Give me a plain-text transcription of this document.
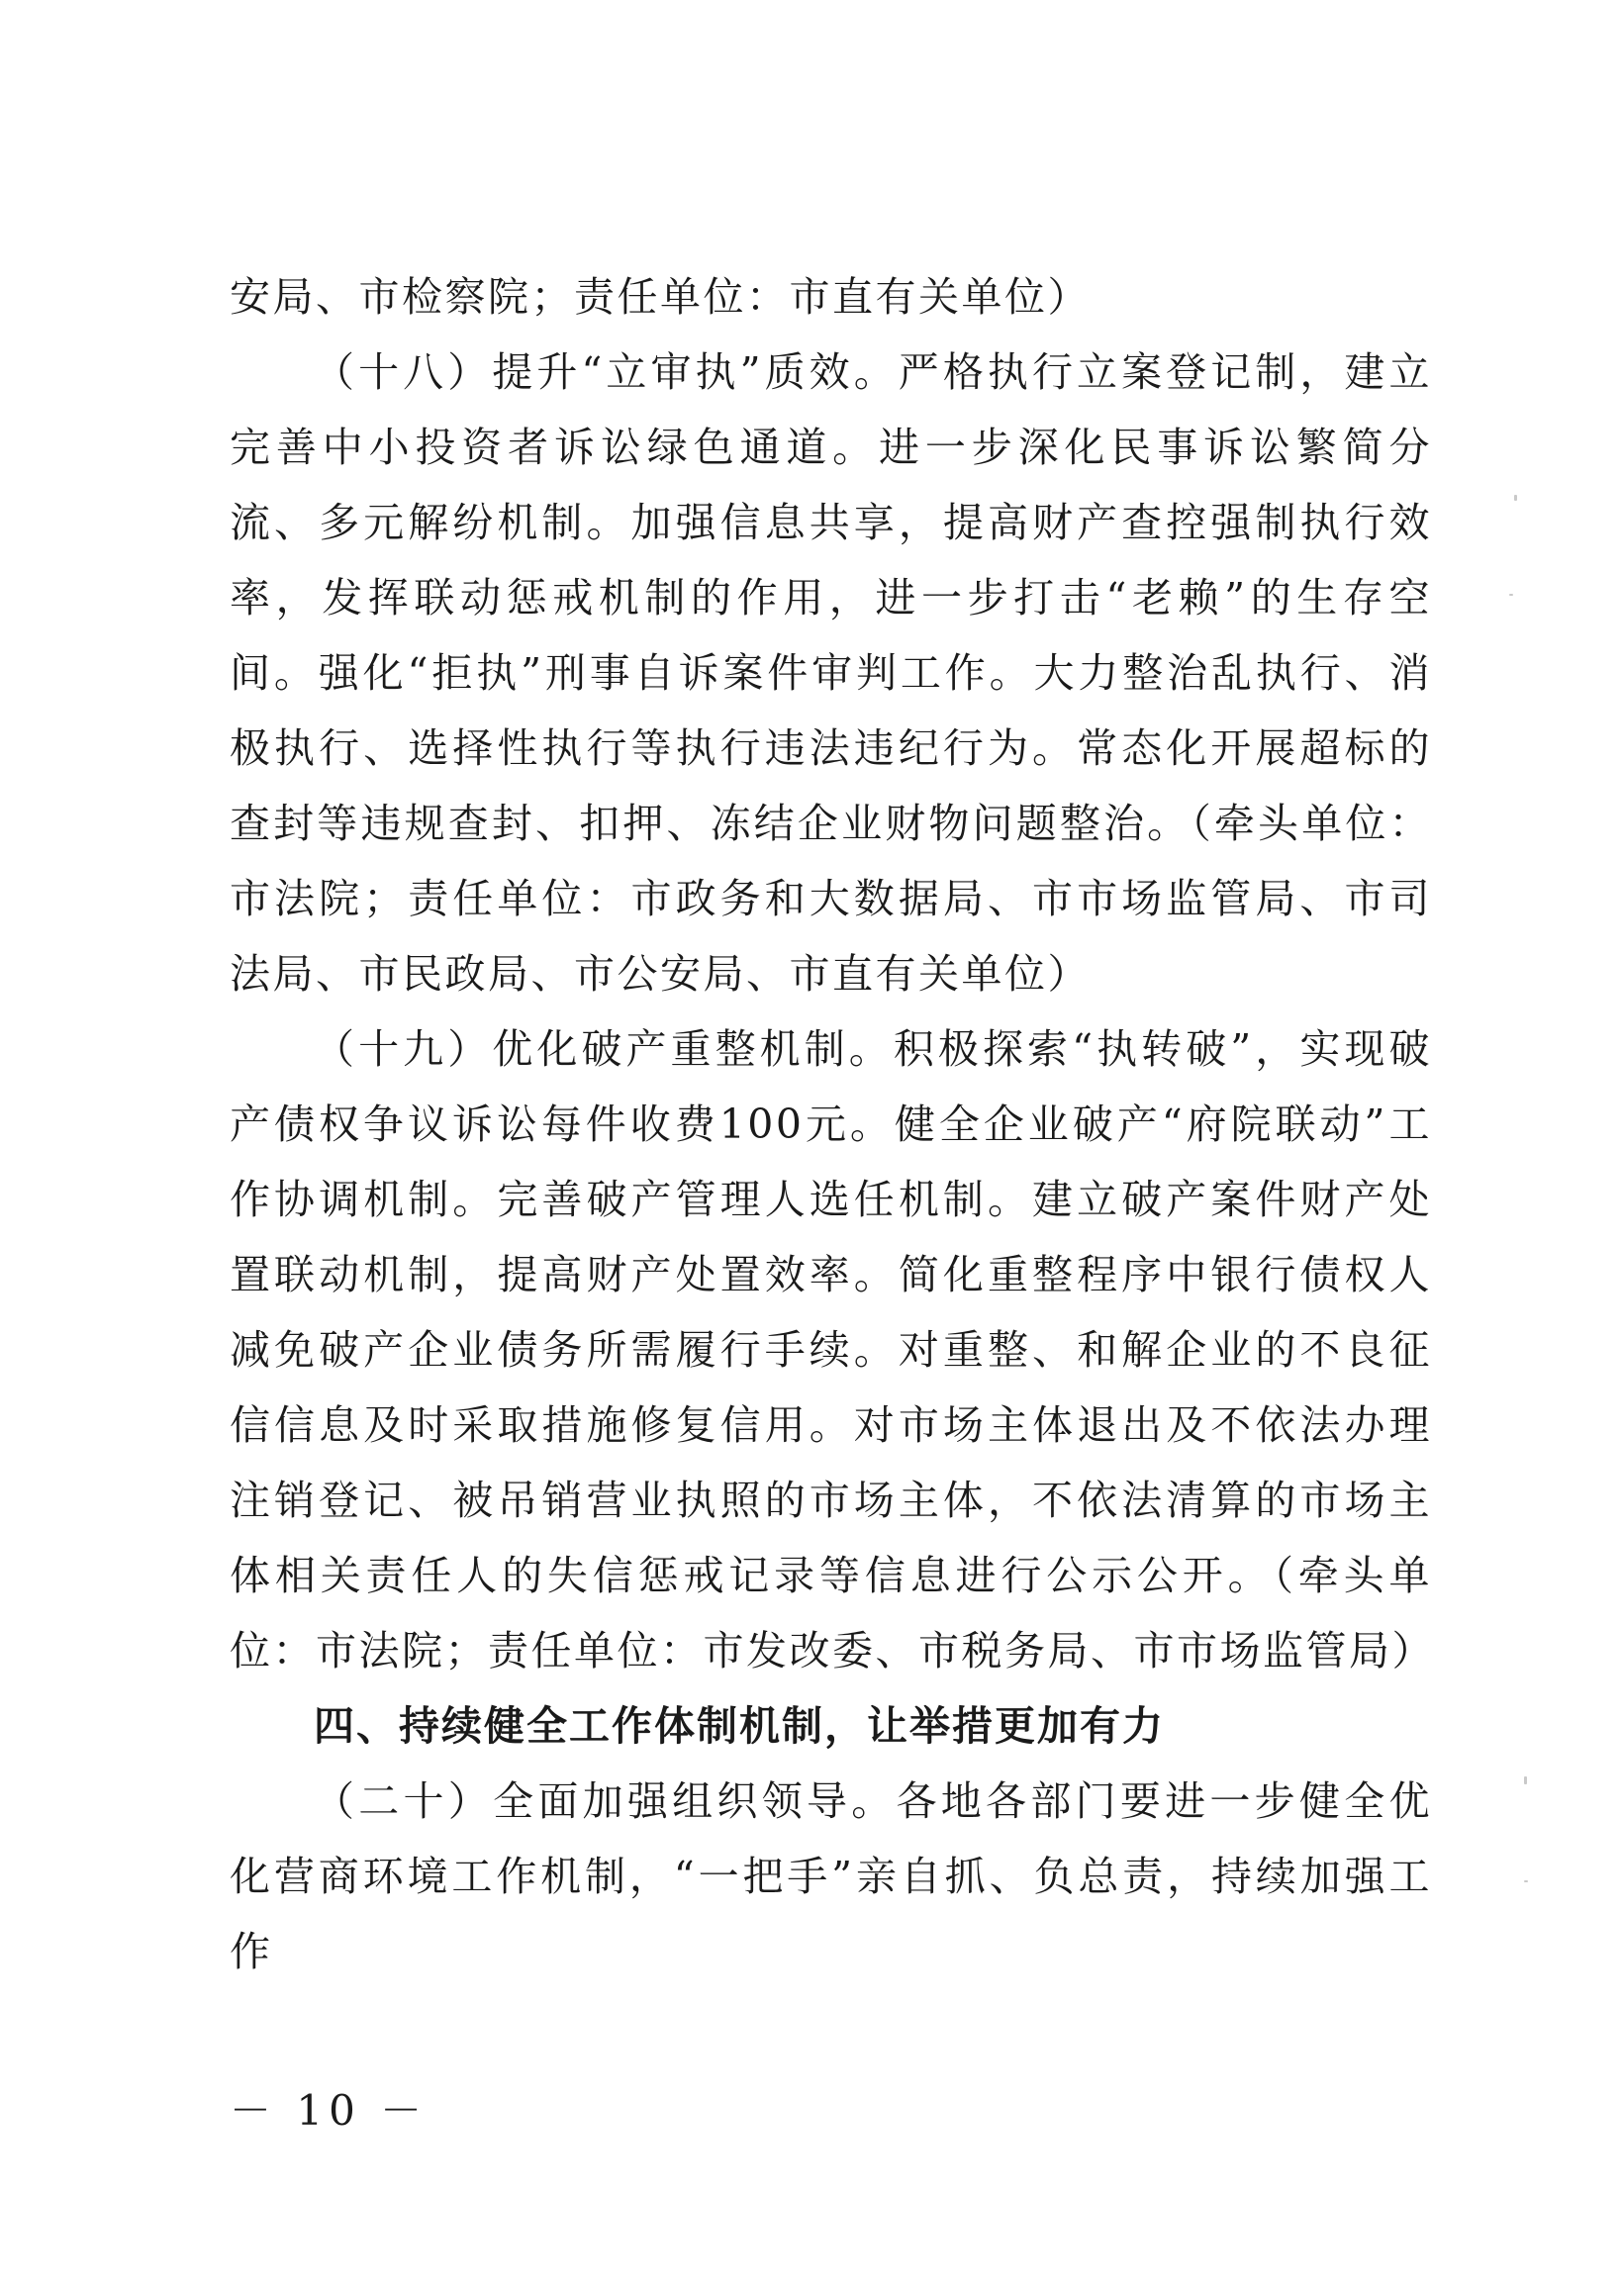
安局、市检察院；责任单位：市直有关单位）

（十八）提升“立审执”质效。严格执行立案登记制，建立完善中小投资者诉讼绿色通道。进一步深化民事诉讼繁简分流、多元解纷机制。加强信息共享，提高财产查控强制执行效率，发挥联动惩戒机制的作用，进一步打击“老赖”的生存空间。强化“拒执”刑事自诉案件审判工作。大力整治乱执行、消极执行、选择性执行等执行违法违纪行为。常态化开展超标的查封等违规查封、扣押、冻结企业财物问题整治。（牵头单位：市法院；责任单位：市政务和大数据局、市市场监管局、市司法局、市民政局、市公安局、市直有关单位）

（十九）优化破产重整机制。积极探索“执转破”，实现破产债权争议诉讼每件收费100元。健全企业破产“府院联动”工作协调机制。完善破产管理人选任机制。建立破产案件财产处置联动机制，提高财产处置效率。简化重整程序中银行债权人减免破产企业债务所需履行手续。对重整、和解企业的不良征信信息及时采取措施修复信用。对市场主体退出及不依法办理注销登记、被吊销营业执照的市场主体，不依法清算的市场主体相关责任人的失信惩戒记录等信息进行公示公开。（牵头单位：市法院；责任单位：市发改委、市税务局、市市场监管局）

四、持续健全工作体制机制，让举措更加有力

（二十）全面加强组织领导。各地各部门要进一步健全优化营商环境工作机制，“一把手”亲自抓、负总责，持续加强工作

－ 10 －
